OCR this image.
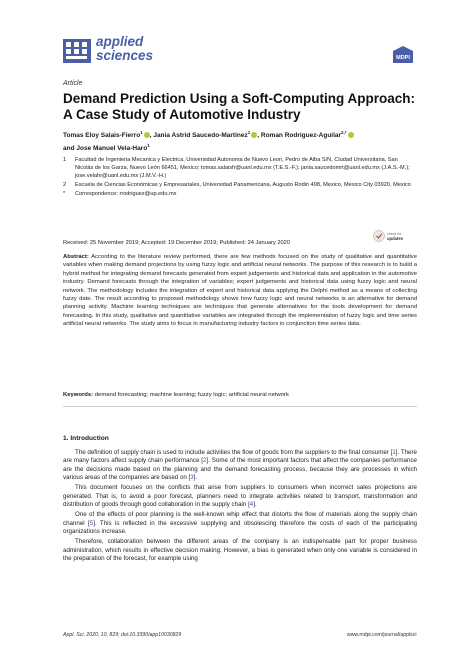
applied
sciences	MDPI
Article
Demand Prediction Using a Soft-Computing Approach: A Case Study of Automotive Industry
Tomas Eloy Salais-Fierro$^1$ , Jania Astrid Saucedo-Martinez$^1$ , Roman Rodriguez-Aguilar$^{2,*}$
and Jose Manuel Vela-Haro$^1$
1 Facultad de Ingenieria Mecanica y Electrica, Universidad Autonoma de Nuevo Leon, Pedro de Alba S/N, Ciudad Universitaria, San Nicolás de los Garza, Nuevo León 66451, Mexico; tomas.salaisfr@uanl.edu.mx (T.E.S.-F.); jania.saucedomrt@uanl.edu.mx (J.A.S.-M.); jose.velahr@uanl.edu.mx (J.M.V.-H.)
2 Escuela de Ciencias Económicas y Empresariales, Universidad Panamericana, Augusto Rodin 498, Mexico, Mexico City 03920, Mexico
* Correspondence: rrodriguez@up.edu.mx
check for
updates
Received: 25 November 2019; Accepted: 19 December 2019; Published: 24 January 2020
Abstract: According to the literature review performed, there are few methods focused on the study of qualitative and quantitative variables when making demand projections by using fuzzy logic and artificial neural networks. The purpose of this research is to build a hybrid method for integrating demand forecasts generated from expert judgements and historical data and application in the automotive industry. Demand forecasts through the integration of variables; expert judgements and historical data using fuzzy logic and neural network. The methodology includes the integration of expert and historical data applying the Delphi method as a means of collecting fuzzy date. The result according to proposed methodology shows how fuzzy logic and neural networks is an alternative for demand planning activity. Machine learning techniques are techniques that generate alternatives for the tools development for demand forecasting. In this study, qualitative and quantitative variables are integrated through the implementation of fuzzy logic and time series artificial neural networks. The study aims to focus in manufacturing industry factors in conjunction time series data.
Keywords: demand forecasting; machine learning; fuzzy logic; artificial neural network
1. Introduction

The definition of supply chain is used to include activities the flow of goods from the suppliers to the final consumer [1]. There are many factors affect supply chain performance [2]. Some of the most important factors that affect the companies performance are the decisions made based on the planning and the demand forecasting process, because they are processes in which various areas of the companies are based on [3].

This document focuses on the conflicts that arise from suppliers to consumers when incorrect sales projections are generated. That is, to avoid a poor forecast, planners need to integrate activities related to transport, transformation and distribution of goods through good collaboration in the supply chain [4].

One of the effects of poor planning is the well-known whip effect that distorts the flow of materials along the supply chain channel [5]. This is reflected in the excessive supplying and obsolescing therefore the costs of each of the participating organizations increase.

Therefore, collaboration between the different areas of the company is an indispensable part for proper business administration, which results in effective decision making. However, a bias is generated when only one variable is considered in the preparation of the forecast, for example using

Appl. Sci. 2020, 10, 829; doi:10.3390/app10030829	www.mdpi.com/journal/applsci
